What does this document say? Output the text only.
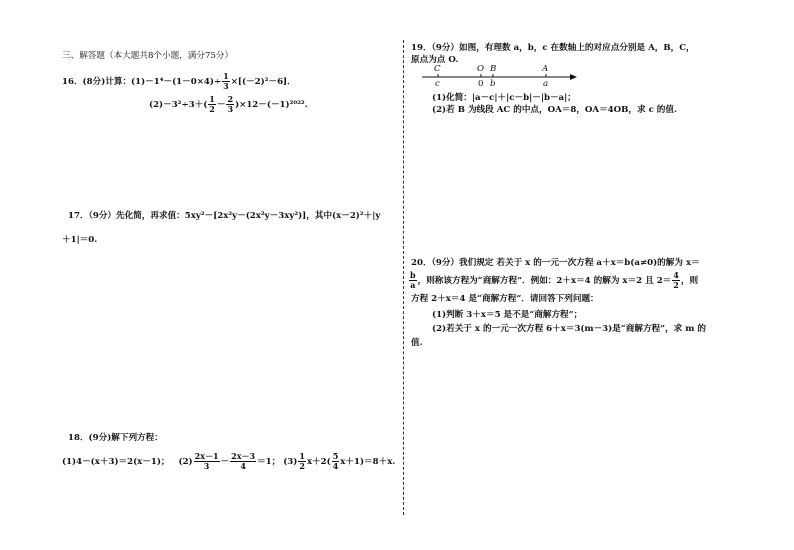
三、解答题（本大题共8个小题，满分75分）
16．(8分)计算：$(1)-1^4-(1-0\times 4)\div \frac{1}{3} \times[(-2)^2-6]$．
$(2)-3^2\div 3+( \frac{1}{2} - \frac{2}{3} )\times 12-(-1)^{2022}$.
17．（9分）先化简，再求值：5xy²－[2x²y－(2x²y－3xy²)]，其中(x－2)²＋|y
＋1|＝0.
18．(9分)解下列方程：
(1)4－(x＋3)＝2(x－1)； $(2) \frac{2x-1}{3} - \frac{2x-3}{4} =1$； $(3) \frac{1}{2} x+2( \frac{5}{4} x+1)=8+x$.
19．（9分）如图，有理数 a，b，c 在数轴上的对应点分别是 A，B，C，
原点为点 O.
C	O B	A
c	0 b	a
(1)化简：|a－c|＋|c－b|－|b－a|；
(2)若 B 为线段 AC 的中点，OA＝8，OA＝4OB，求 c 的值.
20．（9分）我们规定 若关于 x 的一元一次方程 a＋x＝b(a≠0)的解为 x＝
$\frac{b}{a}$ ，则称该方程为“商解方程”．例如：2＋x＝4 的解为 x＝2 且 $2= \frac{4}{2}$ ，则
方程 2＋x＝4 是“商解方程”．请回答下列问题：
(1)判断 3＋x＝5 是不是“商解方程”；
(2)若关于 x 的一元一次方程 6＋x＝3(m－3)是“商解方程”，求 m 的
值.
